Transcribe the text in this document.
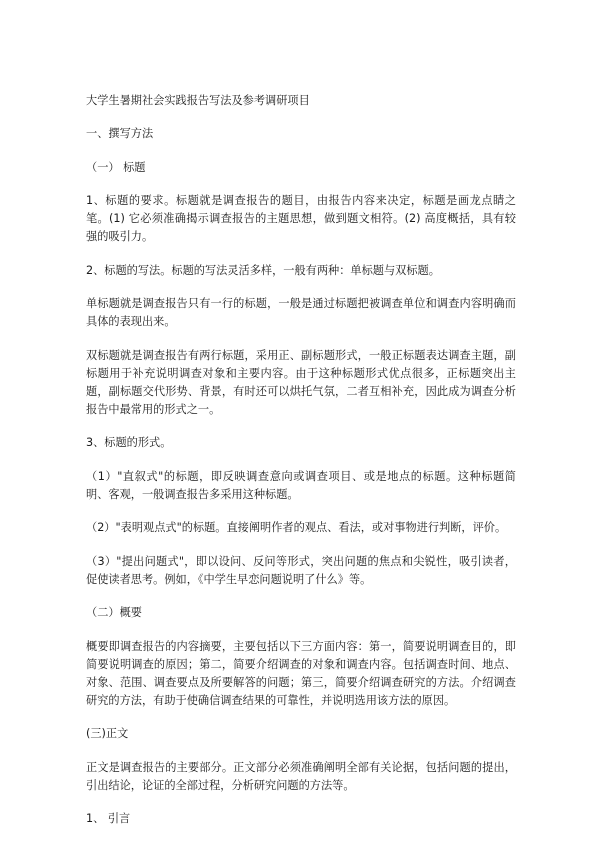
大学生暑期社会实践报告写法及参考调研项目

一、撰写方法

（一） 标题

1、标题的要求。标题就是调查报告的题目，由报告内容来决定，标题是画龙点睛之笔。(1) 它必须准确揭示调查报告的主题思想，做到题文相符。(2) 高度概括，具有较强的吸引力。

2、标题的写法。标题的写法灵活多样，一般有两种：单标题与双标题。

单标题就是调查报告只有一行的标题，一般是通过标题把被调查单位和调查内容明确而具体的表现出来。

双标题就是调查报告有两行标题，采用正、副标题形式，一般正标题表达调查主题，副标题用于补充说明调查对象和主要内容。由于这种标题形式优点很多，正标题突出主题，副标题交代形势、背景，有时还可以烘托气氛，二者互相补充，因此成为调查分析报告中最常用的形式之一。

3、标题的形式。

（1）"直叙式"的标题，即反映调查意向或调查项目、或是地点的标题。这种标题简明、客观，一般调查报告多采用这种标题。

（2）"表明观点式"的标题。直接阐明作者的观点、看法，或对事物进行判断，评价。

（3）"提出问题式"，即以设问、反问等形式，突出问题的焦点和尖锐性，吸引读者，促使读者思考。例如，《中学生早恋问题说明了什么》等。

（二）概要

概要即调查报告的内容摘要，主要包括以下三方面内容：第一，简要说明调查目的，即简要说明调查的原因；第二，简要介绍调查的对象和调查内容。包括调查时间、地点、对象、范围、调查要点及所要解答的问题；第三，简要介绍调查研究的方法。介绍调查研究的方法，有助于使确信调查结果的可靠性，并说明选用该方法的原因。

(三)正文

正文是调查报告的主要部分。正文部分必须准确阐明全部有关论据，包括问题的提出，引出结论，论证的全部过程，分析研究问题的方法等。

1、 引言
